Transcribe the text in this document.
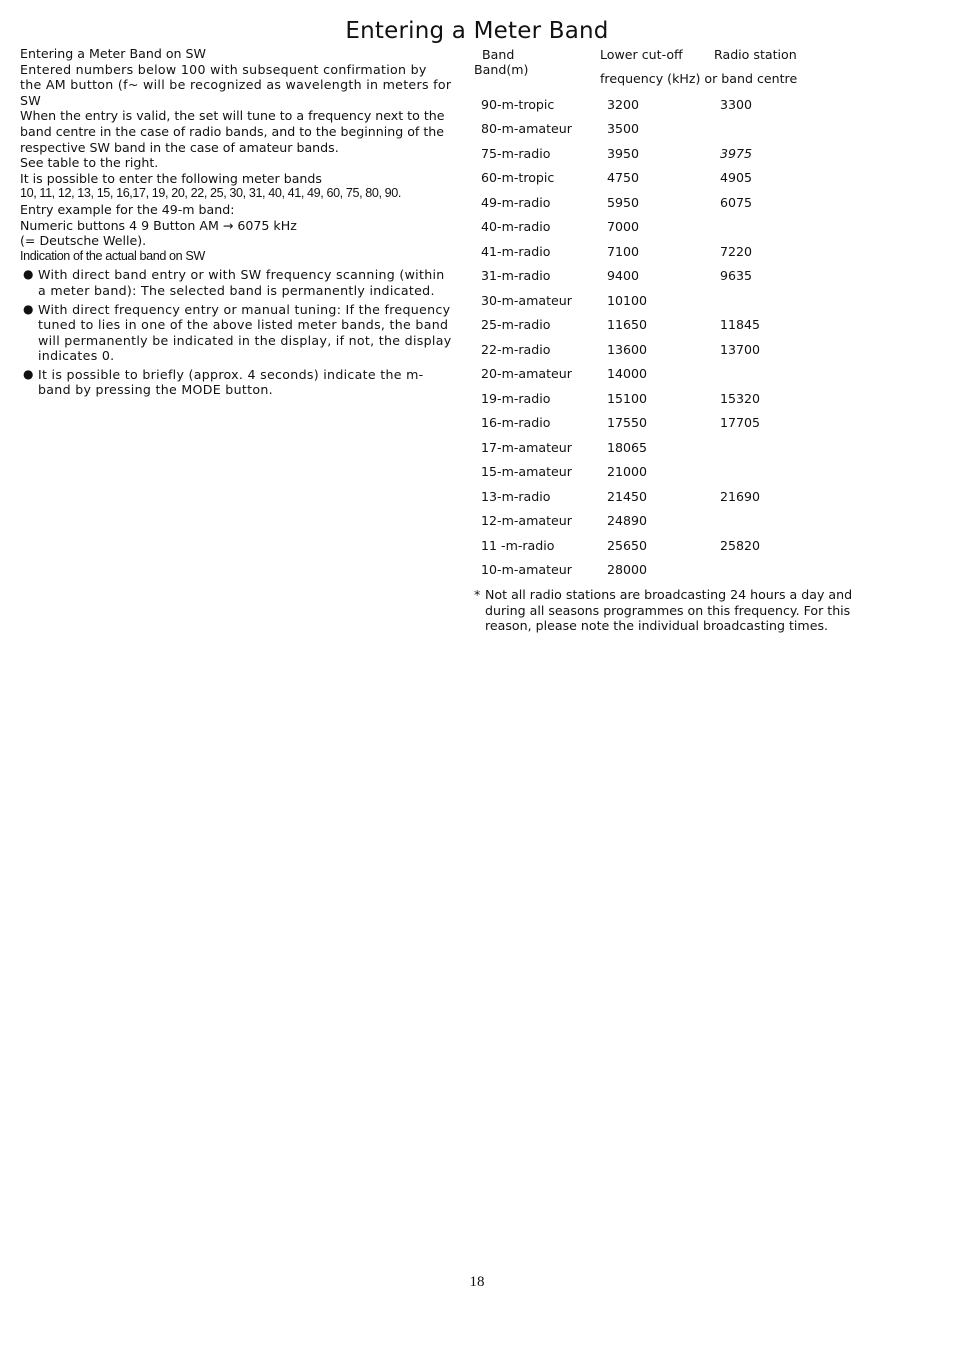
Entering a Meter Band

Entering a Meter Band on SW

Entered numbers below 100 with subsequent confirmation by the AM button (f~ will be recognized as wavelength in meters for SW

When the entry is valid, the set will tune to a frequency next to the band centre in the case of radio bands, and to the beginning of the respective SW band in the case of amateur bands.

See table to the right.

It is possible to enter the following meter bands

10, 11, 12, 13, 15, 16,17, 19, 20, 22, 25, 30, 31, 40, 41, 49, 60, 75, 80, 90.

Entry example for the 49-m band:

Numeric buttons 4 9 Button AM → 6075 kHz

(= Deutsche Welle).

Indication of the actual band on SW

● With direct band entry or with SW frequency scanning (within a meter band): The selected band is permanently indicated.
● With direct frequency entry or manual tuning: If the frequency tuned to lies in one of the above listed meter bands, the band will permanently be indicated in the display, if not, the display indicates 0.
● It is possible to briefly (approx. 4 seconds) indicate the m-band by pressing the MODE button.
Band
Band(m)
Lower cut-off Radio station
frequency (kHz) or band centre
90-m-tropic	3200	3300
80-m-amateur	3500	
75-m-radio	3950	3975
60-m-tropic	4750	4905
49-m-radio	5950	6075
40-m-radio	7000	
41-m-radio	7100	7220
31-m-radio	9400	9635
30-m-amateur	10100	
25-m-radio	11650	11845
22-m-radio	13600	13700
20-m-amateur	14000	
19-m-radio	15100	15320
16-m-radio	17550	17705
17-m-amateur	18065	
15-m-amateur	21000	
13-m-radio	21450	21690
12-m-amateur	24890	
11 -m-radio	25650	25820
10-m-amateur	28000	
* Not all radio stations are broadcasting 24 hours a day and during all seasons programmes on this frequency. For this reason, please note the individual broadcasting times.
18
